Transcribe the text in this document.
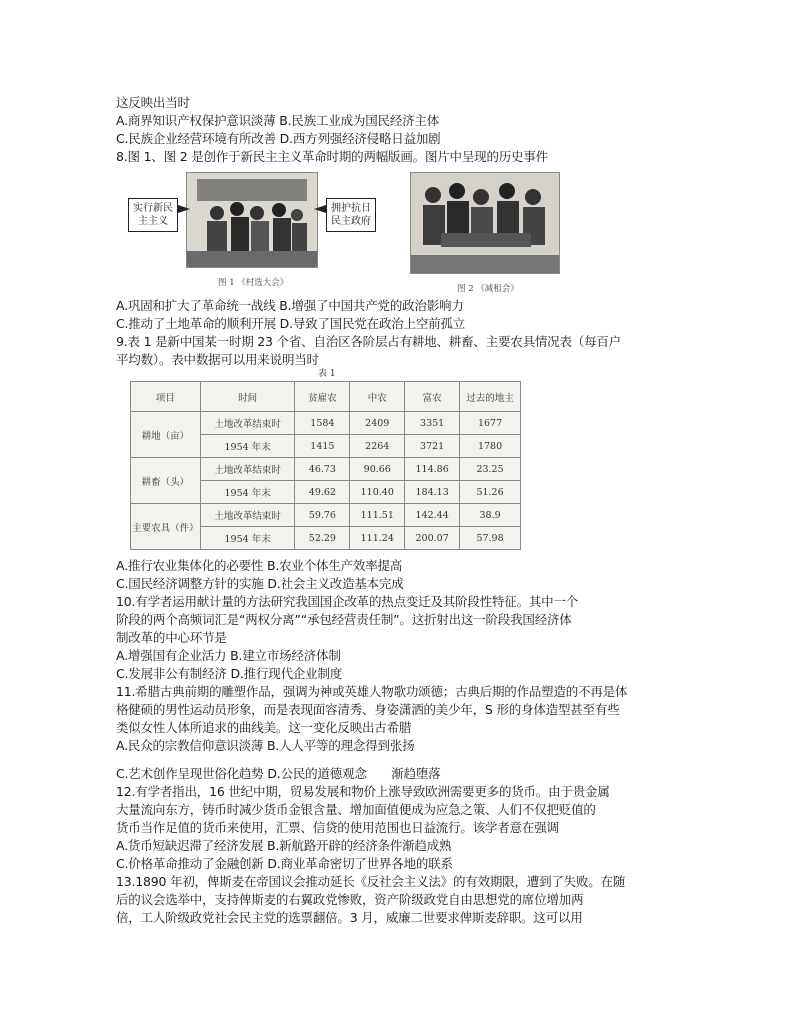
这反映出当时
A.商界知识产权保护意识淡薄 B.民族工业成为国民经济主体
C.民族企业经营环境有所改善 D.西方列强经济侵略日益加剧
8.图 1、图 2 是创作于新民主主义革命时期的两幅版画。图片中呈现的历史事件
实行新民
主主义
拥护抗日
民主政府
图 1 《村选大会》
图 2 《减租会》
A.巩固和扩大了革命统一战线 B.增强了中国共产党的政治影响力
C.推动了土地革命的顺利开展 D.导致了国民党在政治上空前孤立
9.表 1 是新中国某一时期 23 个省、自治区各阶层占有耕地、耕畜、主要农具情况表（每百户
平均数）。表中数据可以用来说明当时
表 1
项目	时间	贫雇农	中农	富农	过去的地主
耕地（亩）	土地改革结束时	1584	2409	3351	1677
	1954 年末	1415	2264	3721	1780
耕畜（头）	土地改革结束时	46.73	90.66	114.86	23.25
	1954 年末	49.62	110.40	184.13	51.26
主要农具（件）	土地改革结束时	59.76	111.51	142.44	38.9
	1954 年末	52.29	111.24	200.07	57.98
A.推行农业集体化的必要性 B.农业个体生产效率提高
C.国民经济调整方针的实施 D.社会主义改造基本完成
10.有学者运用献计量的方法研究我国国企改革的热点变迁及其阶段性特征。其中一个
阶段的两个高频词汇是“两权分离”“承包经营责任制”。这折射出这一阶段我国经济体
制改革的中心环节是
A.增强国有企业活力 B.建立市场经济体制
C.发展非公有制经济 D.推行现代企业制度
11.希腊古典前期的雕塑作品，强调为神或英雄人物歌功颂德；古典后期的作品塑造的不再是体
格健硕的男性运动员形象，而是表现面容清秀、身姿潇洒的美少年，S 形的身体造型甚至有些
类似女性人体所追求的曲线美。这一变化反映出古希腊
A.民众的宗教信仰意识淡薄 B.人人平等的理念得到张扬
C.艺术创作呈现世俗化趋势 D.公民的道德观念　　渐趋堕落
12.有学者指出，16 世纪中期，贸易发展和物价上涨导致欧洲需要更多的货币。由于贵金属
大量流向东方，铸币时减少货币金银含量、增加面值便成为应急之策、人们不仅把贬值的
货币当作足值的货币来使用，汇票、信贷的使用范围也日益流行。该学者意在强调
A.货币短缺迟滞了经济发展 B.新航路开辟的经济条件渐趋成熟
C.价格革命推动了金融创新 D.商业革命密切了世界各地的联系
13.1890 年初，俾斯麦在帝国议会推动延长《反社会主义法》的有效期限，遭到了失败。在随
后的议会选举中，支持俾斯麦的右翼政党惨败，资产阶级政党自由思想党的席位增加两
倍，工人阶级政党社会民主党的选票翻倍。3 月，威廉二世要求俾斯麦辞职。这可以用
